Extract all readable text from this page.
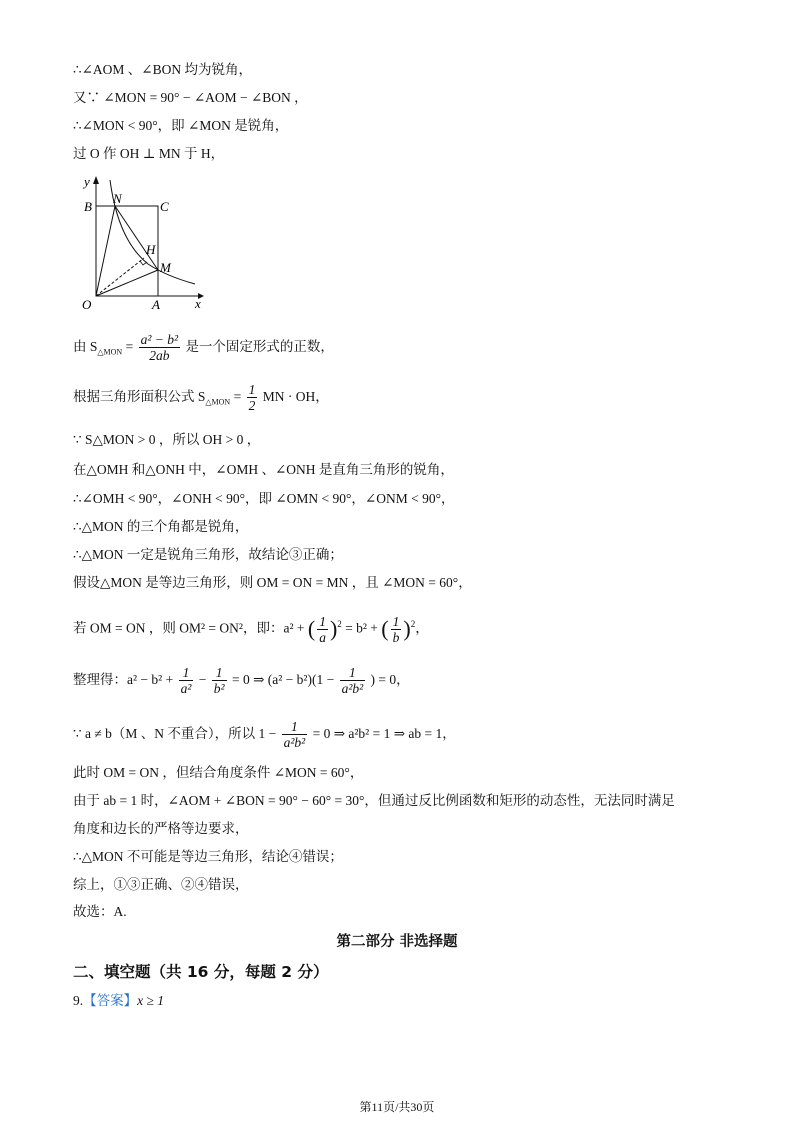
∴∠AOM 、∠BON 均为锐角，
又∵ ∠MON = 90° − ∠AOM − ∠BON ，
∴∠MON < 90°，即 ∠MON 是锐角，
过 O 作 OH ⊥ MN 于 H，
y
x
B
N
C
H
M
O	A
由 $S_{\triangle MON} = \frac{\text{a² − b²}}{2ab}$ 是一个固定形式的正数，
根据三角形面积公式 $S_{\triangle MON} = \frac{1}{2}$ MN · OH，
∵ S△MON > 0 ，所以 OH > 0 ，
在△OMH 和△ONH 中，∠OMH 、∠ONH 是直角三角形的锐角，
∴∠OMH < 90°，∠ONH < 90°，即 ∠OMN < 90°，∠ONM < 90°，
∴△MON 的三个角都是锐角，
∴△MON 一定是锐角三角形，故结论③正确；
假设△MON 是等边三角形，则 OM = ON = MN ，且 ∠MON = 60°，
若 OM = ON ，则 OM² = ON²，即：a² + ( $\frac{1}{a} )^2 = b^2$ + ( $\frac{1}{b} )^2$，
整理得：$a^2 - b^2 + \frac{1}{\text{a²}} - \frac{1}{\text{b²}} = 0$ ⇒ $(a^2 - b^2)(1 - \frac{1}{\text{a²b²}}$ ) = 0，
∵ a ≠ b（M 、N 不重合），所以 $1 - \frac{1}{\text{a²b²}} = 0$ ⇒ a²b² = 1 ⇒ ab = 1，
此时 OM = ON ，但结合角度条件 ∠MON = 60°，
由于 ab = 1 时，∠AOM + ∠BON = 90° − 60° = 30°，但通过反比例函数和矩形的动态性，无法同时满足
角度和边长的严格等边要求，
∴△MON 不可能是等边三角形，结论④错误；
综上，①③正确、②④错误，
故选：A.
第二部分 非选择题
二、填空题（共 16 分，每题 2 分）
9.【答案】x ≥ 1
第11页/共30页
